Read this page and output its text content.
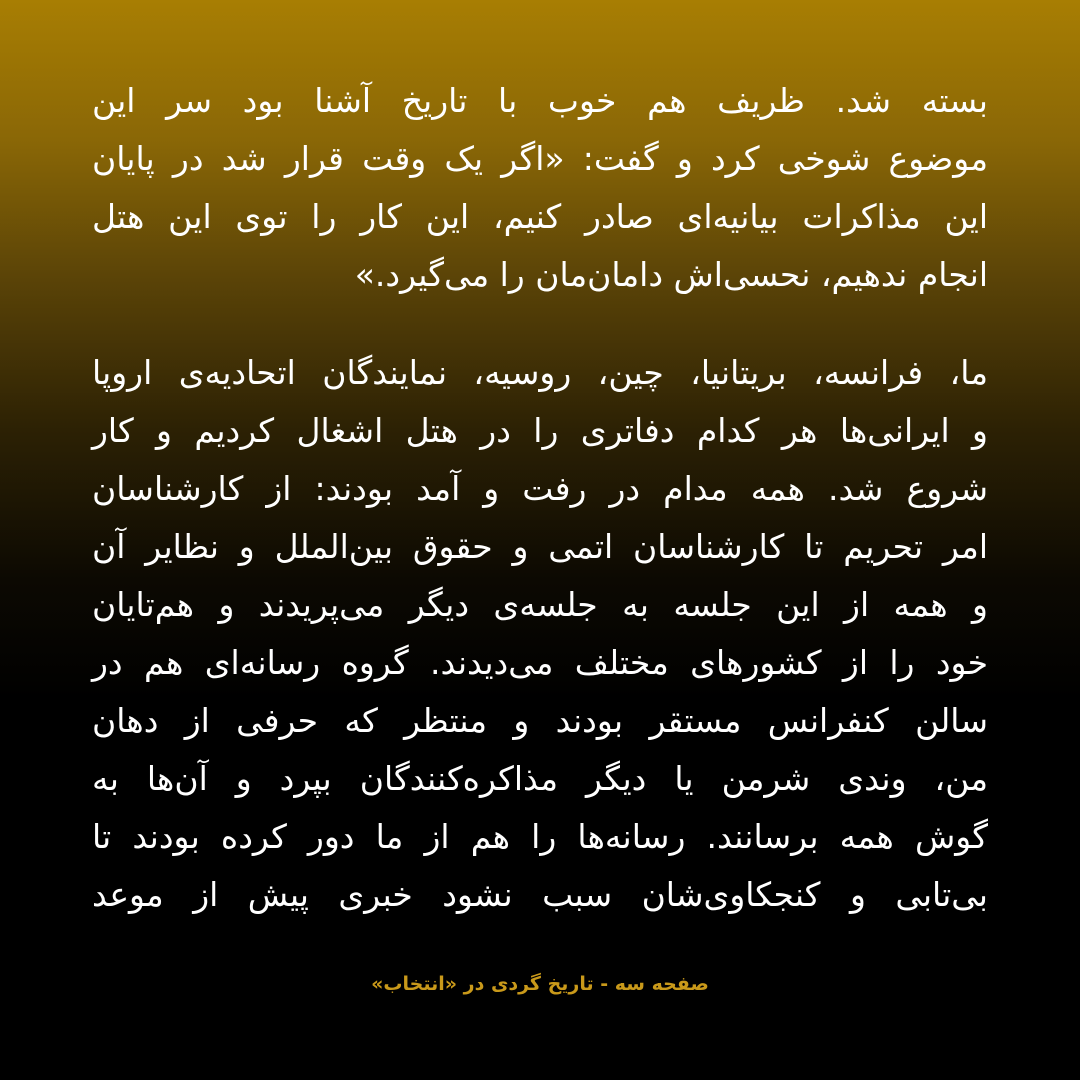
بسته شد. ظریف هم خوب با تاریخ آشنا بود سر این
موضوع شوخی کرد و گفت: «اگر یک وقت قرار شد در پایان
این مذاکرات بیانیه‌ای صادر کنیم، این کار را توی این هتل
انجام ندهیم، نحسی‌اش دامان‌مان را می‌گیرد.»
ما، فرانسه، بریتانیا، چین، روسیه، نمایندگان اتحادیه‌ی اروپا
و ایرانی‌ها هر کدام دفاتری را در هتل اشغال کردیم و کار
شروع شد. همه مدام در رفت و آمد بودند: از کارشناسان
امر تحریم تا کارشناسان اتمی و حقوق بین‌الملل و نظایر آن
و همه از این جلسه به جلسه‌ی دیگر می‌پریدند و هم‌تایان
خود را از کشورهای مختلف می‌دیدند. گروه رسانه‌ای هم در
سالن کنفرانس مستقر بودند و منتظر که حرفی از دهان
من، وندی شرمن یا دیگر مذاکره‌کنندگان بپرد و آن‌ها به
گوش همه برسانند. رسانه‌ها را هم از ما دور کرده بودند تا
بی‌تابی و کنجکاوی‌شان سبب نشود خبری پیش از موعد
صفحه سه - تاریخ گردی در «انتخاب»
